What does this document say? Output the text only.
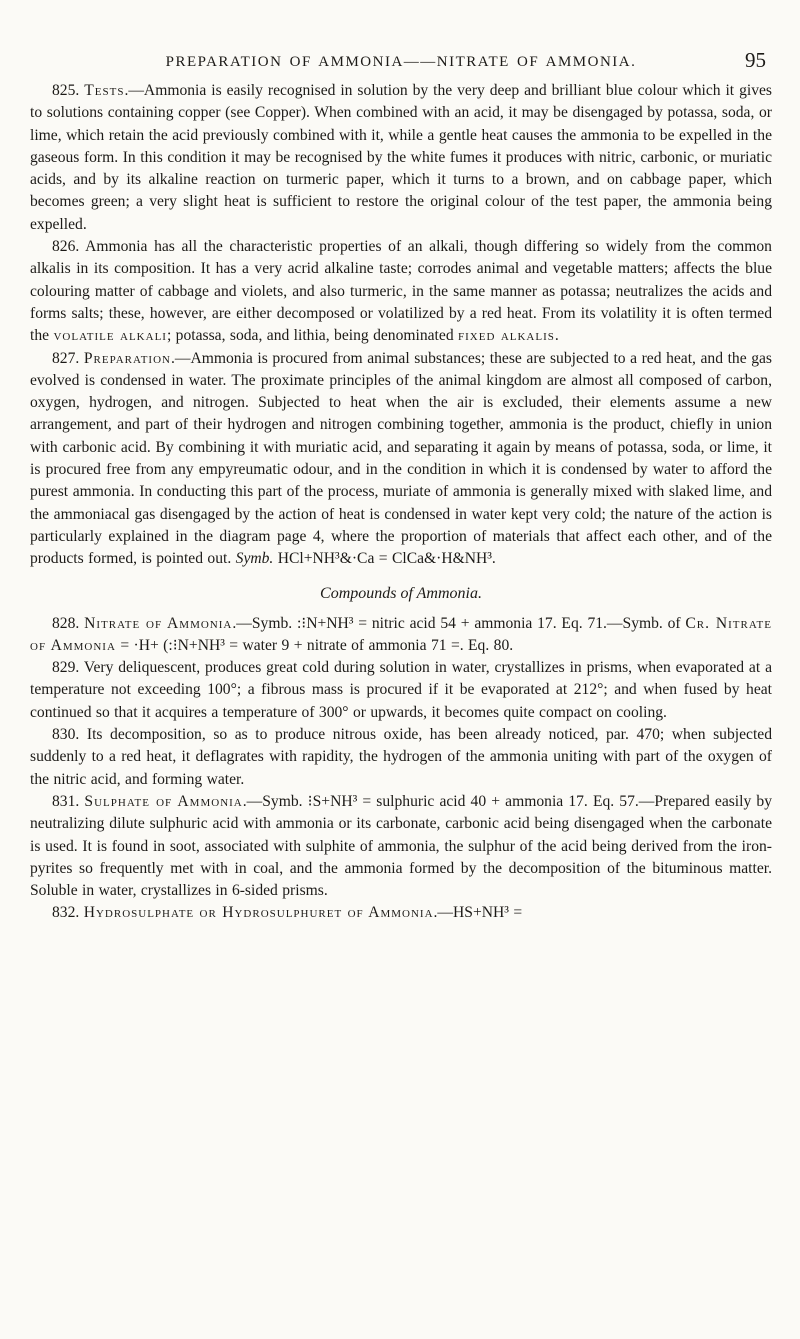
PREPARATION OF AMMONIA——NITRATE OF AMMONIA.	95

825. Tests.—Ammonia is easily recognised in solution by the very deep and brilliant blue colour which it gives to solutions containing copper (see Copper). When combined with an acid, it may be disengaged by potassa, soda, or lime, which retain the acid previously combined with it, while a gentle heat causes the ammonia to be expelled in the gaseous form. In this condition it may be recognised by the white fumes it produces with nitric, carbonic, or muriatic acids, and by its alkaline reaction on turmeric paper, which it turns to a brown, and on cabbage paper, which becomes green; a very slight heat is sufficient to restore the original colour of the test paper, the ammonia being expelled.

826. Ammonia has all the characteristic properties of an alkali, though differing so widely from the common alkalis in its composition. It has a very acrid alkaline taste; corrodes animal and vegetable matters; affects the blue colouring matter of cabbage and violets, and also turmeric, in the same manner as potassa; neutralizes the acids and forms salts; these, however, are either decomposed or volatilized by a red heat. From its volatility it is often termed the volatile alkali; potassa, soda, and lithia, being denominated fixed alkalis.

827. Preparation.—Ammonia is procured from animal substances; these are subjected to a red heat, and the gas evolved is condensed in water. The proximate principles of the animal kingdom are almost all composed of carbon, oxygen, hydrogen, and nitrogen. Subjected to heat when the air is excluded, their elements assume a new arrangement, and part of their hydrogen and nitrogen combining together, ammonia is the product, chiefly in union with carbonic acid. By combining it with muriatic acid, and separating it again by means of potassa, soda, or lime, it is procured free from any empyreumatic odour, and in the condition in which it is condensed by water to afford the purest ammonia. In conducting this part of the process, muriate of ammonia is generally mixed with slaked lime, and the ammoniacal gas disengaged by the action of heat is condensed in water kept very cold; the nature of the action is particularly explained in the diagram page 4, where the proportion of materials that affect each other, and of the products formed, is pointed out. Symb. HCl+NH³&·Ca = ClCa&·H&NH³.

Compounds of Ammonia.

828. Nitrate of Ammonia.—Symb. :⁝N+NH³ = nitric acid 54 + ammonia 17. Eq. 71.—Symb. of Cr. Nitrate of Ammonia = ·H+ (:⁝N+NH³ = water 9 + nitrate of ammonia 71 =. Eq. 80.

829. Very deliquescent, produces great cold during solution in water, crystallizes in prisms, when evaporated at a temperature not exceeding 100°; a fibrous mass is procured if it be evaporated at 212°; and when fused by heat continued so that it acquires a temperature of 300° or upwards, it becomes quite compact on cooling.

830. Its decomposition, so as to produce nitrous oxide, has been already noticed, par. 470; when subjected suddenly to a red heat, it deflagrates with rapidity, the hydrogen of the ammonia uniting with part of the oxygen of the nitric acid, and forming water.

831. Sulphate of Ammonia.—Symb. ⁝S+NH³ = sulphuric acid 40 + ammonia 17. Eq. 57.—Prepared easily by neutralizing dilute sulphuric acid with ammonia or its carbonate, carbonic acid being disengaged when the carbonate is used. It is found in soot, associated with sulphite of ammonia, the sulphur of the acid being derived from the iron-pyrites so frequently met with in coal, and the ammonia formed by the decomposition of the bituminous matter. Soluble in water, crystallizes in 6-sided prisms.

832. Hydrosulphate or Hydrosulphuret of Ammonia.—HS+NH³ =
